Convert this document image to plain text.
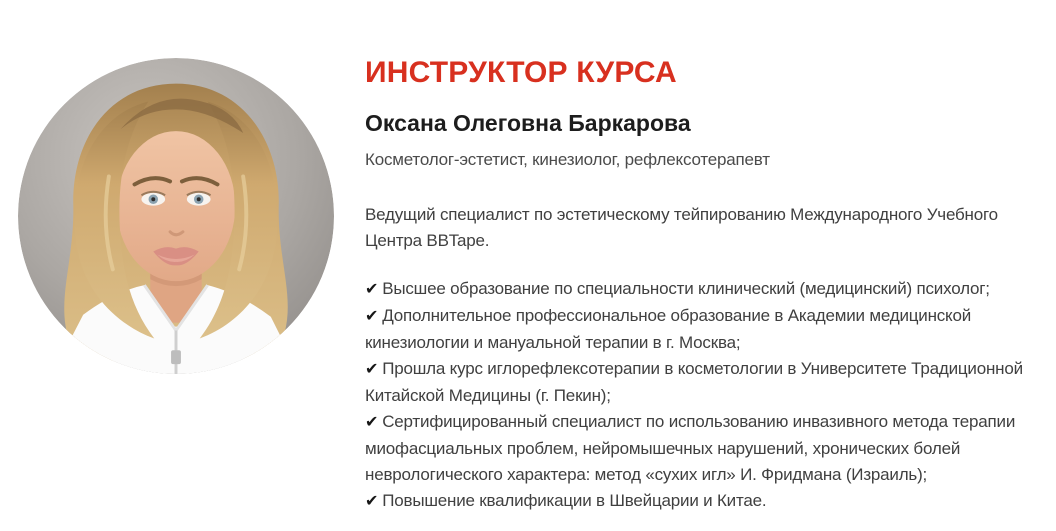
ИНСТРУКТОР КУРСА
Оксана Олеговна Баркарова
Косметолог-эстетист, кинезиолог, рефлексотерапевт

Ведущий специалист по эстетическому тейпированию Международного Учебного Центра BBTape.

✔ Высшее образование по специальности клинический (медицинский) психолог;
✔ Дополнительное профессиональное образование в Академии медицинской кинезиологии и мануальной терапии в г. Москва;
✔ Прошла курс иглорефлексотерапии в косметологии в Университете Традиционной Китайской Медицины (г. Пекин);
✔ Сертифицированный специалист по использованию инвазивного метода терапии миофасциальных проблем, нейромышечных нарушений, хронических болей неврологического характера: метод «сухих игл» И. Фридмана (Израиль);
✔ Повышение квалификации в Швейцарии и Китае.
